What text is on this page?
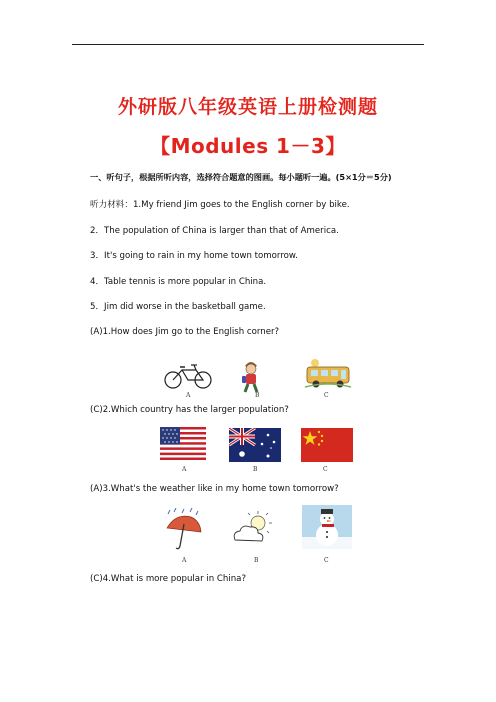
外研版八年级英语上册检测题
【Modules 1－3】
一、听句子，根据所听内容，选择符合题意的图画。每小题听一遍。(5×1分＝5分)
听力材料：1.My friend Jim goes to the English corner by bike.
2．The population of China is larger than that of America.
3．It's going to rain in my home town tomorrow.
4．Table tennis is more popular in China.
5．Jim did worse in the basketball game.
(A)1.How does Jim go to the English corner?
A	B	C
(C)2.Which country has the larger population?
A	B	C
(A)3.What's the weather like in my home town tomorrow?
A	B	C
(C)4.What is more popular in China?
